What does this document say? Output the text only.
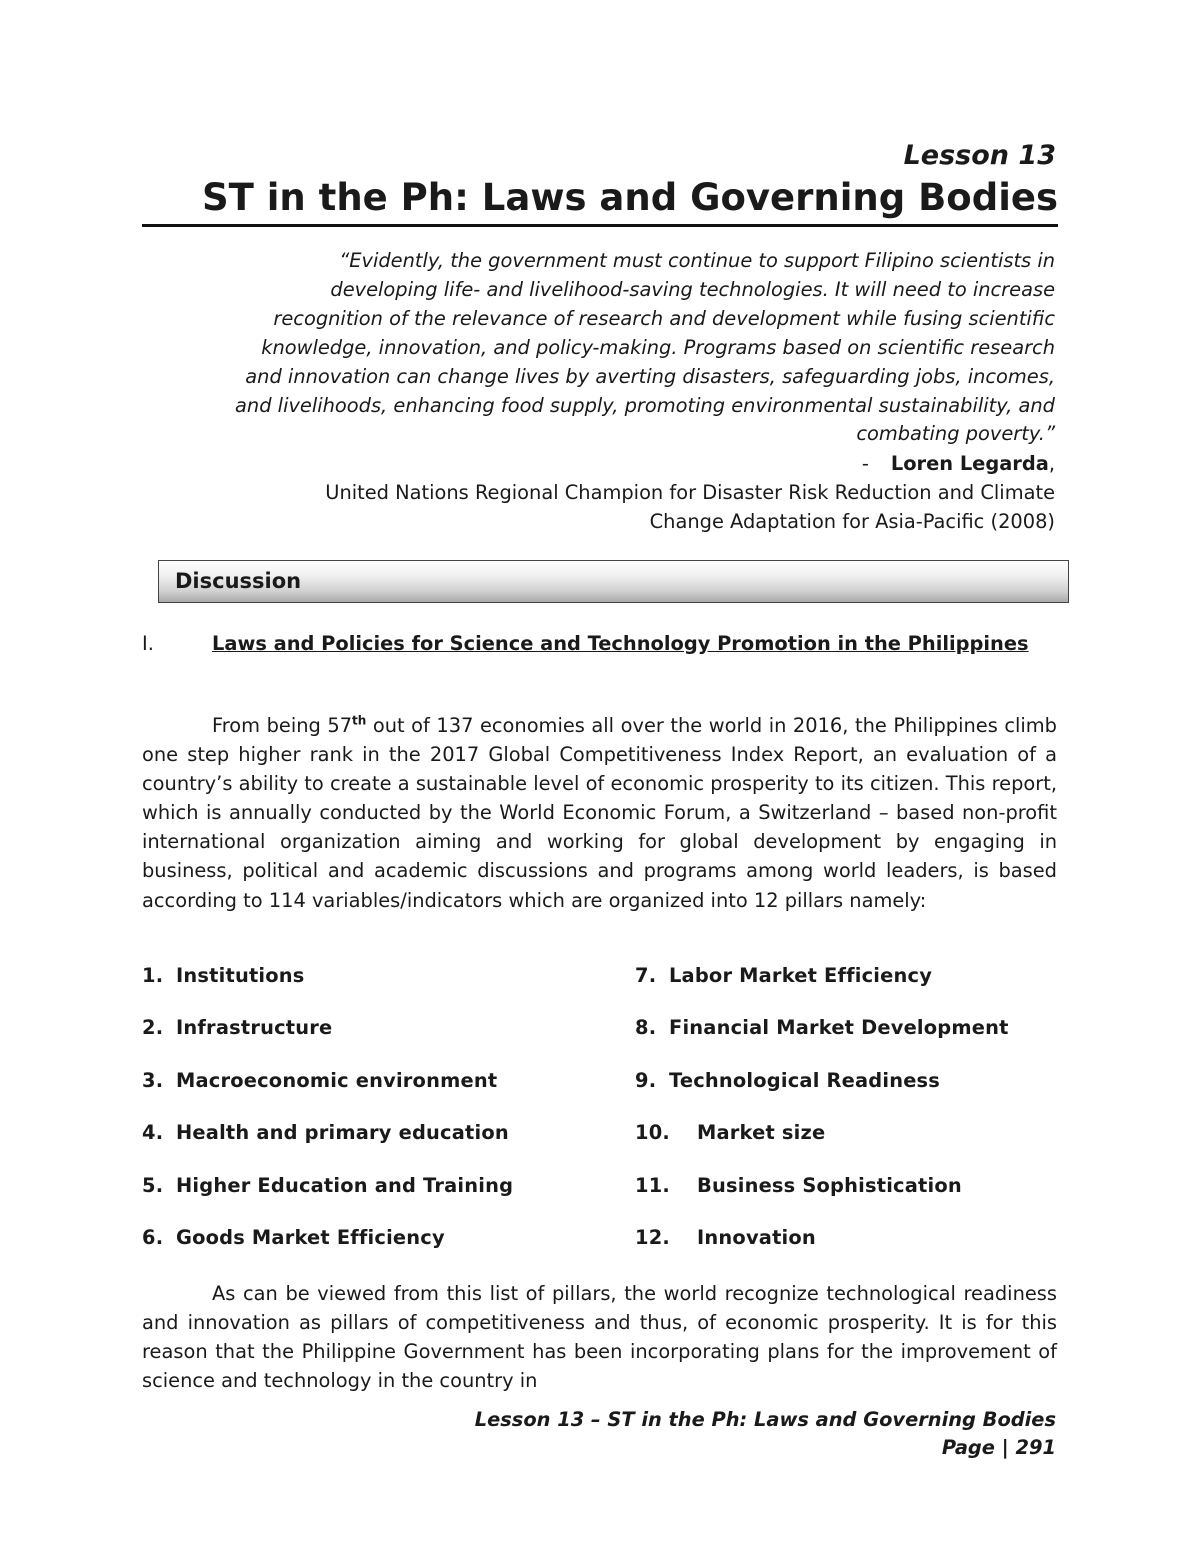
Lesson 13
ST in the Ph: Laws and Governing Bodies
“Evidently, the government must continue to support Filipino scientists in
developing life- and livelihood-saving technologies. It will need to increase
recognition of the relevance of research and development while fusing scientific
knowledge, innovation, and policy-making. Programs based on scientific research
and innovation can change lives by averting disasters, safeguarding jobs, incomes,
and livelihoods, enhancing food supply, promoting environmental sustainability, and
combating poverty.”
- Loren Legarda,
United Nations Regional Champion for Disaster Risk Reduction and Climate
Change Adaptation for Asia-Pacific (2008)
Discussion
I.	Laws and Policies for Science and Technology Promotion in the Philippines

From being 57th out of 137 economies all over the world in 2016, the Philippines climb one step higher rank in the 2017 Global Competitiveness Index Report, an evaluation of a country’s ability to create a sustainable level of economic prosperity to its citizen. This report, which is annually conducted by the World Economic Forum, a Switzerland – based non-profit international organization aiming and working for global development by engaging in business, political and academic discussions and programs among world leaders, is based according to 114 variables/indicators which are organized into 12 pillars namely:

1. Institutions
2. Infrastructure
3. Macroeconomic environment
4. Health and primary education
5. Higher Education and Training
6. Goods Market Efficiency
7. Labor Market Efficiency
8. Financial Market Development
9. Technological Readiness
10. Market size
11. Business Sophistication
12. Innovation

As can be viewed from this list of pillars, the world recognize technological readiness and innovation as pillars of competitiveness and thus, of economic prosperity. It is for this reason that the Philippine Government has been incorporating plans for the improvement of science and technology in the country in

Lesson 13 – ST in the Ph: Laws and Governing Bodies
Page | 291
